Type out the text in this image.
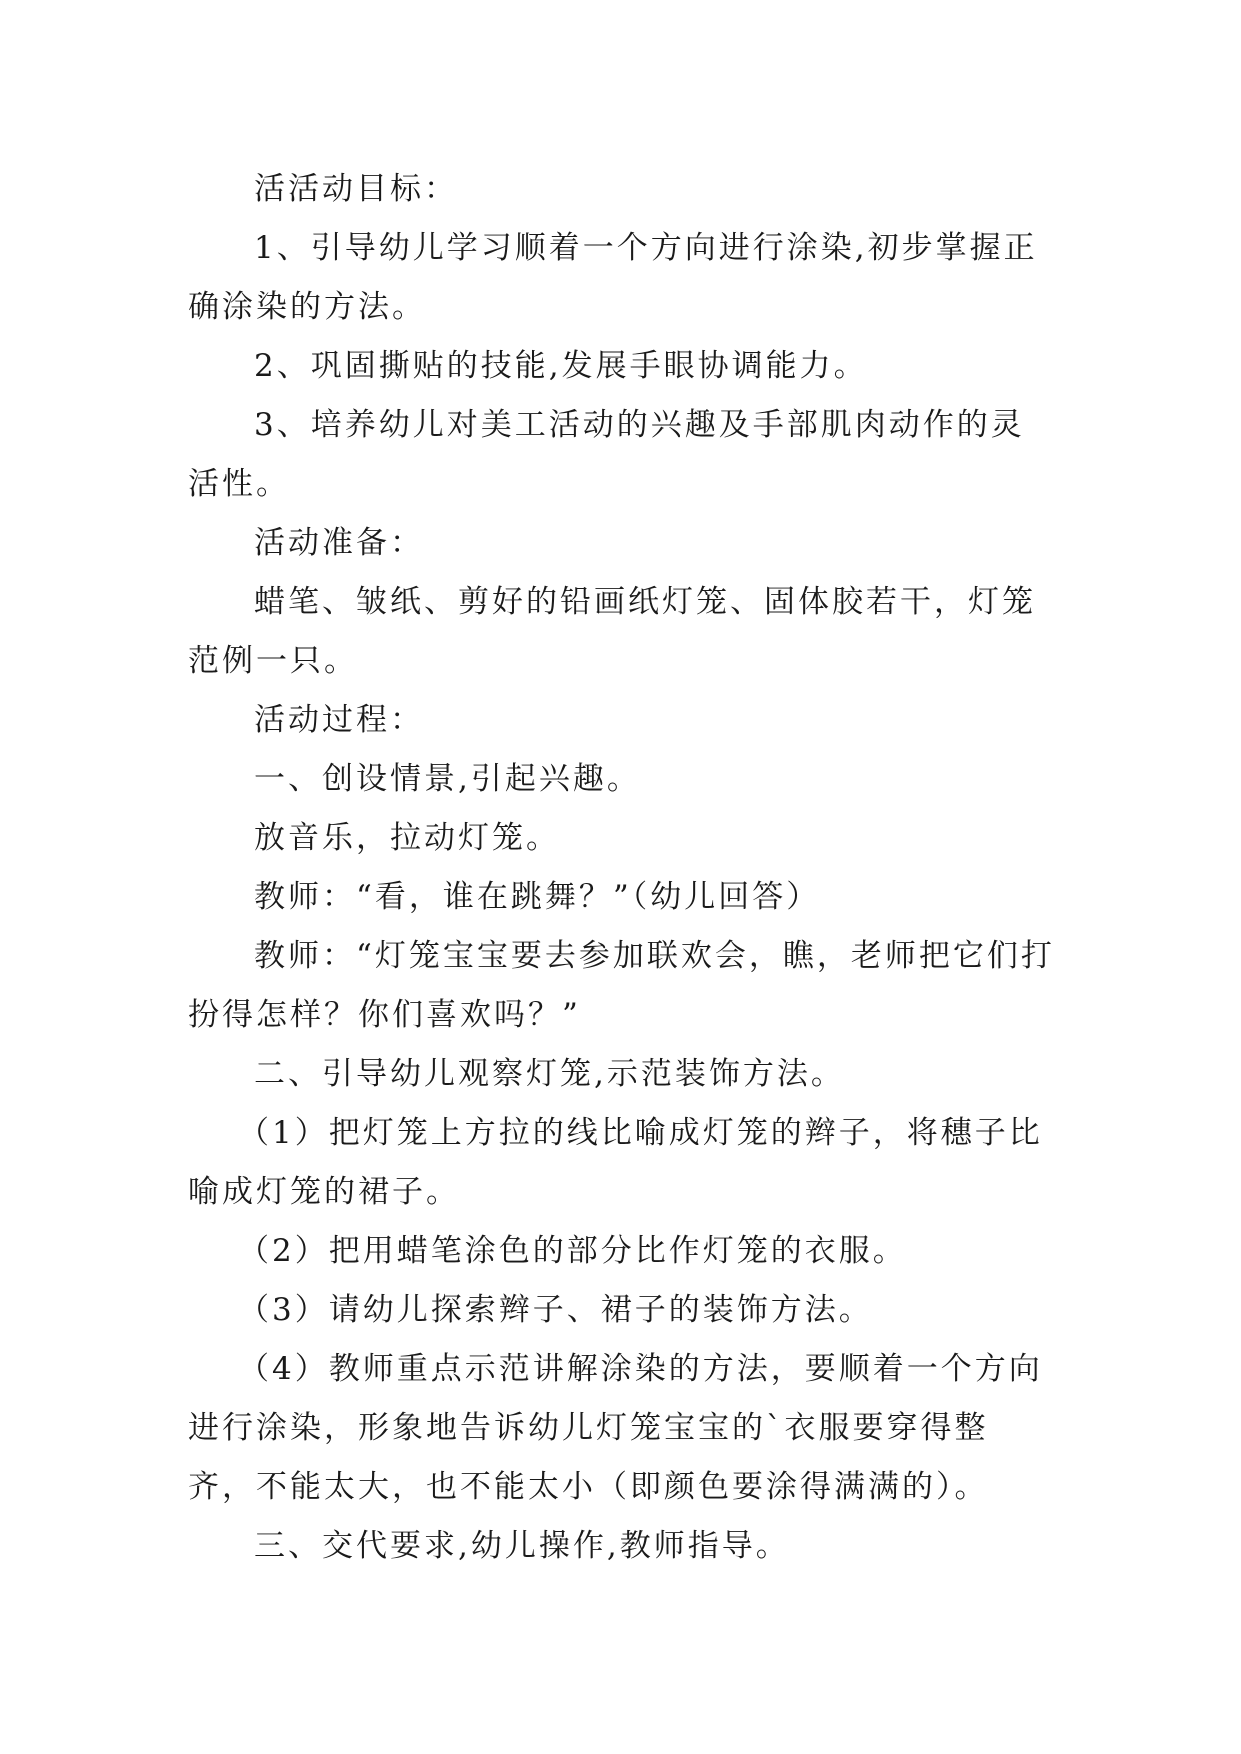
活活动目标：

1、引导幼儿学习顺着一个方向进行涂染,初步掌握正确涂染的方法。

2、巩固撕贴的技能,发展手眼协调能力。

3、培养幼儿对美工活动的兴趣及手部肌肉动作的灵活性。

活动准备：

蜡笔、皱纸、剪好的铅画纸灯笼、固体胶若干，灯笼范例一只。

活动过程：

一、创设情景,引起兴趣。

放音乐，拉动灯笼。

教师：“看，谁在跳舞？”（幼儿回答）

教师：“灯笼宝宝要去参加联欢会，瞧，老师把它们打扮得怎样？你们喜欢吗？”

二、引导幼儿观察灯笼,示范装饰方法。

（1）把灯笼上方拉的线比喻成灯笼的辫子，将穗子比喻成灯笼的裙子。

（2）把用蜡笔涂色的部分比作灯笼的衣服。

（3）请幼儿探索辫子、裙子的装饰方法。

（4）教师重点示范讲解涂染的方法，要顺着一个方向进行涂染，形象地告诉幼儿灯笼宝宝的`衣服要穿得整齐，不能太大，也不能太小（即颜色要涂得满满的）。

三、交代要求,幼儿操作,教师指导。
